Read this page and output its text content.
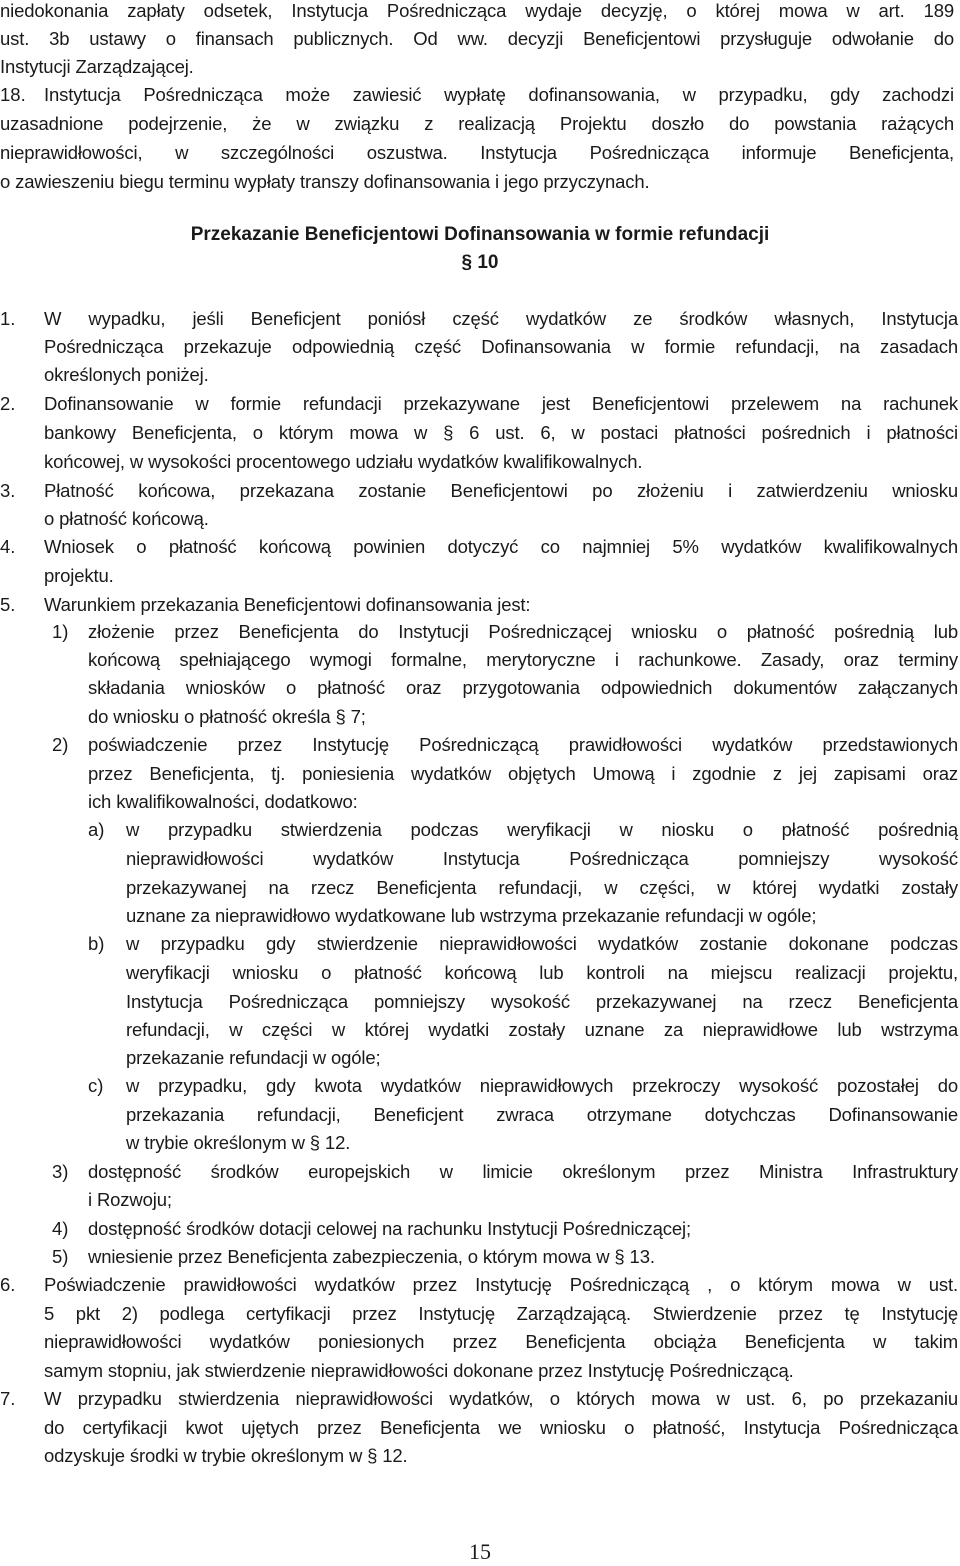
niedokonania zapłaty odsetek, Instytucja Pośrednicząca wydaje decyzję, o której mowa w art. 189
ust. 3b ustawy o finansach publicznych. Od ww. decyzji Beneficjentowi przysługuje odwołanie do
Instytucji Zarządzającej.
18. Instytucja Pośrednicząca może zawiesić wypłatę dofinansowania, w przypadku, gdy zachodzi
uzasadnione podejrzenie, że w związku z realizacją Projektu doszło do powstania rażących
nieprawidłowości, w szczególności oszustwa. Instytucja Pośrednicząca informuje Beneficjenta,
o zawieszeniu biegu terminu wypłaty transzy dofinansowania i jego przyczynach.
Przekazanie Beneficjentowi Dofinansowania w formie refundacji
§ 10
1. W wypadku, jeśli Beneficjent poniósł część wydatków ze środków własnych, Instytucja
Pośrednicząca przekazuje odpowiednią część Dofinansowania w formie refundacji, na zasadach
określonych poniżej.
2. Dofinansowanie w formie refundacji przekazywane jest Beneficjentowi przelewem na rachunek
bankowy Beneficjenta, o którym mowa w § 6 ust. 6, w postaci płatności pośrednich i płatności
końcowej, w wysokości procentowego udziału wydatków kwalifikowalnych.
3. Płatność końcowa, przekazana zostanie Beneficjentowi po złożeniu i zatwierdzeniu wniosku
o płatność końcową.
4. Wniosek o płatność końcową powinien dotyczyć co najmniej 5% wydatków kwalifikowalnych
projektu.
5. Warunkiem przekazania Beneficjentowi dofinansowania jest:
1) złożenie przez Beneficjenta do Instytucji Pośredniczącej wniosku o płatność pośrednią lub
końcową spełniającego wymogi formalne, merytoryczne i rachunkowe. Zasady, oraz terminy
składania wniosków o płatność oraz przygotowania odpowiednich dokumentów załączanych
do wniosku o płatność określa § 7;
2) poświadczenie przez Instytucję Pośredniczącą prawidłowości wydatków przedstawionych
przez Beneficjenta, tj. poniesienia wydatków objętych Umową i zgodnie z jej zapisami oraz
ich kwalifikowalności, dodatkowo:
a) w przypadku stwierdzenia podczas weryfikacji w niosku o płatność pośrednią
nieprawidłowości wydatków Instytucja Pośrednicząca pomniejszy wysokość
przekazywanej na rzecz Beneficjenta refundacji, w części, w której wydatki zostały
uznane za nieprawidłowo wydatkowane lub wstrzyma przekazanie refundacji w ogóle;
b) w przypadku gdy stwierdzenie nieprawidłowości wydatków zostanie dokonane podczas
weryfikacji wniosku o płatność końcową lub kontroli na miejscu realizacji projektu,
Instytucja Pośrednicząca pomniejszy wysokość przekazywanej na rzecz Beneficjenta
refundacji, w części w której wydatki zostały uznane za nieprawidłowe lub wstrzyma
przekazanie refundacji w ogóle;
c) w przypadku, gdy kwota wydatków nieprawidłowych przekroczy wysokość pozostałej do
przekazania refundacji, Beneficjent zwraca otrzymane dotychczas Dofinansowanie
w trybie określonym w § 12.
3) dostępność środków europejskich w limicie określonym przez Ministra Infrastruktury
i Rozwoju;
4) dostępność środków dotacji celowej na rachunku Instytucji Pośredniczącej;
5) wniesienie przez Beneficjenta zabezpieczenia, o którym mowa w § 13.
6. Poświadczenie prawidłowości wydatków przez Instytucję Pośredniczącą , o którym mowa w ust.
5 pkt 2) podlega certyfikacji przez Instytucję Zarządzającą. Stwierdzenie przez tę Instytucję
nieprawidłowości wydatków poniesionych przez Beneficjenta obciąża Beneficjenta w takim
samym stopniu, jak stwierdzenie nieprawidłowości dokonane przez Instytucję Pośredniczącą.
7. W przypadku stwierdzenia nieprawidłowości wydatków, o których mowa w ust. 6, po przekazaniu
do certyfikacji kwot ujętych przez Beneficjenta we wniosku o płatność, Instytucja Pośrednicząca
odzyskuje środki w trybie określonym w § 12.
15
